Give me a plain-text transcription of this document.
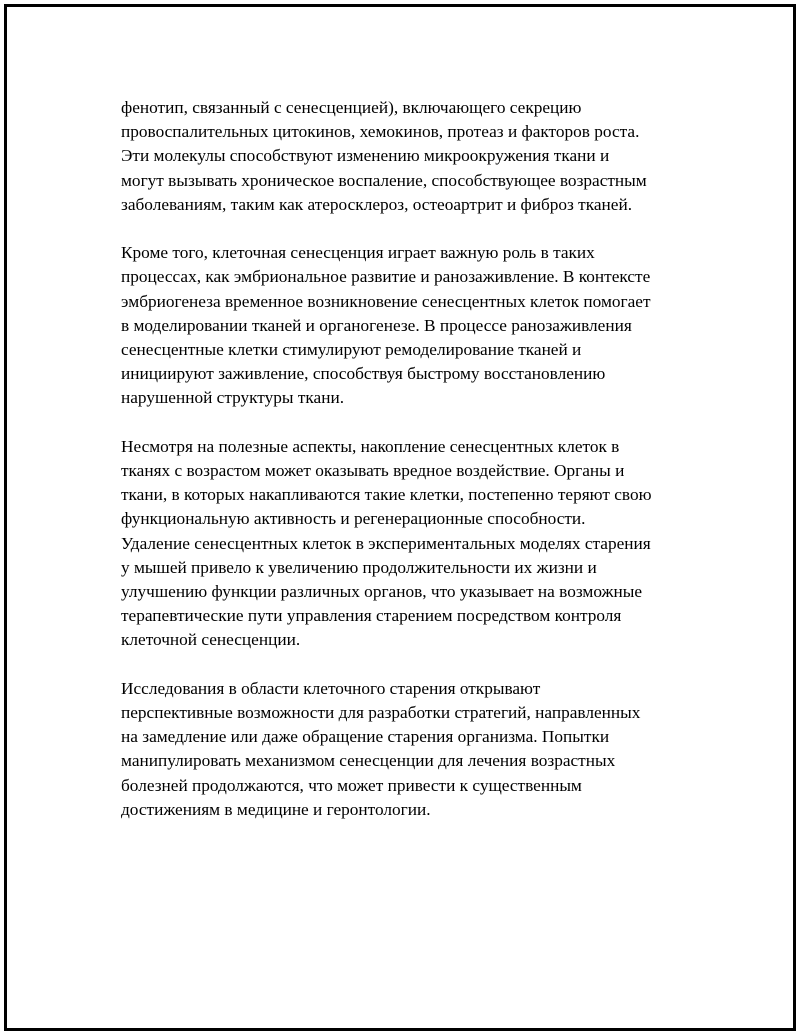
фенотип, связанный с сенесценцией), включающего секрецию
провоспалительных цитокинов, хемокинов, протеаз и факторов роста.
Эти молекулы способствуют изменению микроокружения ткани и
могут вызывать хроническое воспаление, способствующее возрастным
заболеваниям, таким как атеросклероз, остеоартрит и фиброз тканей.

Кроме того, клеточная сенесценция играет важную роль в таких
процессах, как эмбриональное развитие и ранозаживление. В контексте
эмбриогенеза временное возникновение сенесцентных клеток помогает
в моделировании тканей и органогенезе. В процессе ранозаживления
сенесцентные клетки стимулируют ремоделирование тканей и
инициируют заживление, способствуя быстрому восстановлению
нарушенной структуры ткани.

Несмотря на полезные аспекты, накопление сенесцентных клеток в
тканях с возрастом может оказывать вредное воздействие. Органы и
ткани, в которых накапливаются такие клетки, постепенно теряют свою
функциональную активность и регенерационные способности.
Удаление сенесцентных клеток в экспериментальных моделях старения
у мышей привело к увеличению продолжительности их жизни и
улучшению функции различных органов, что указывает на возможные
терапевтические пути управления старением посредством контроля
клеточной сенесценции.

Исследования в области клеточного старения открывают
перспективные возможности для разработки стратегий, направленных
на замедление или даже обращение старения организма. Попытки
манипулировать механизмом сенесценции для лечения возрастных
болезней продолжаются, что может привести к существенным
достижениям в медицине и геронтологии.
